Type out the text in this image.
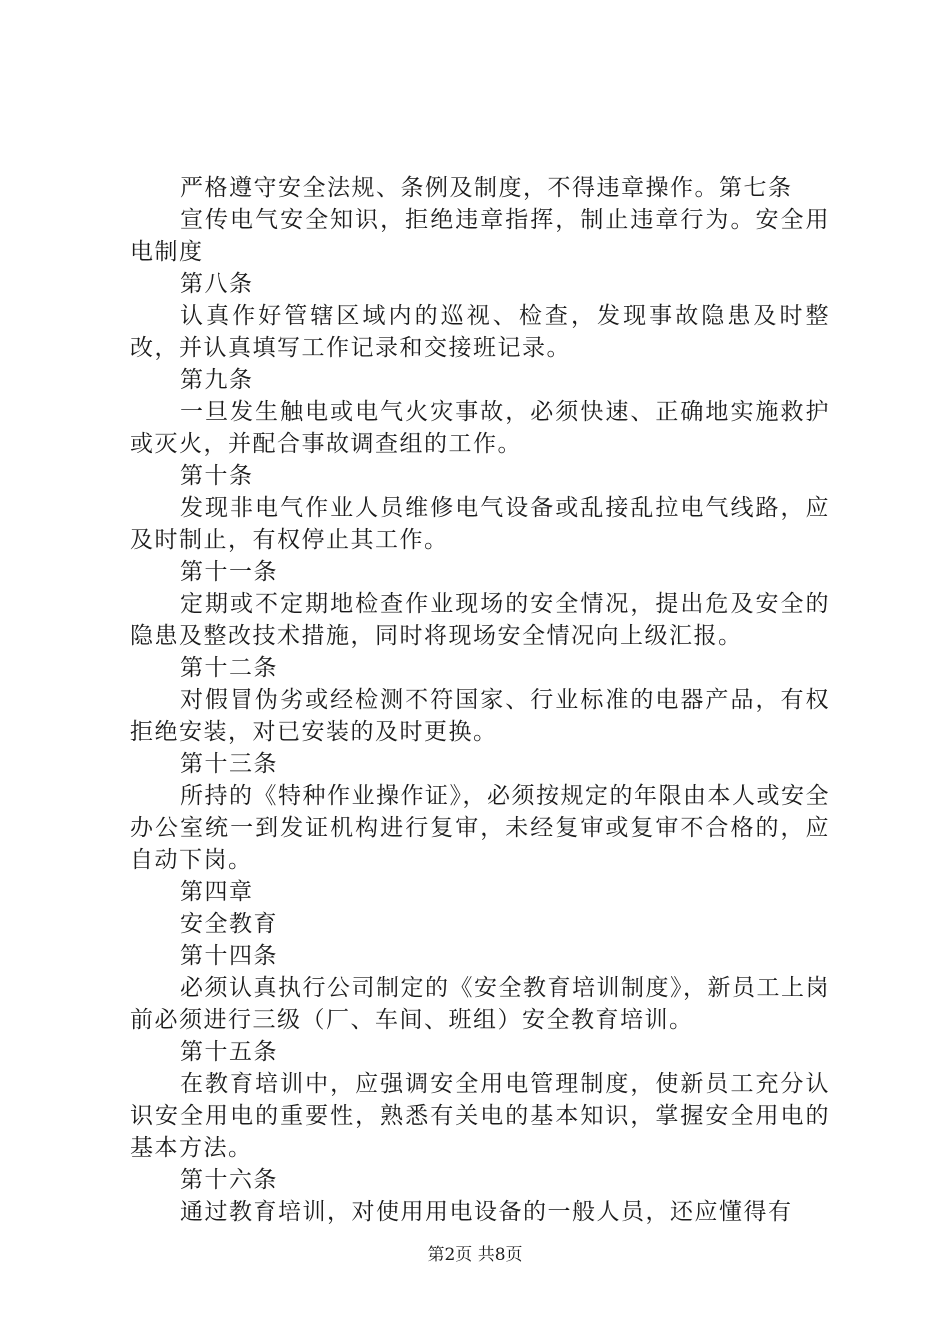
严格遵守安全法规、条例及制度，不得违章操作。第七条

宣传电气安全知识，拒绝违章指挥，制止违章行为。安全用电制度

第八条

认真作好管辖区域内的巡视、检查，发现事故隐患及时整改，并认真填写工作记录和交接班记录。

第九条

一旦发生触电或电气火灾事故，必须快速、正确地实施救护或灭火，并配合事故调查组的工作。

第十条

发现非电气作业人员维修电气设备或乱接乱拉电气线路，应及时制止，有权停止其工作。

第十一条

定期或不定期地检查作业现场的安全情况，提出危及安全的隐患及整改技术措施，同时将现场安全情况向上级汇报。

第十二条

对假冒伪劣或经检测不符国家、行业标准的电器产品，有权拒绝安装，对已安装的及时更换。

第十三条

所持的《特种作业操作证》，必须按规定的年限由本人或安全办公室统一到发证机构进行复审，未经复审或复审不合格的，应自动下岗。

第四章

安全教育

第十四条

必须认真执行公司制定的《安全教育培训制度》，新员工上岗前必须进行三级（厂、车间、班组）安全教育培训。

第十五条

在教育培训中，应强调安全用电管理制度，使新员工充分认识安全用电的重要性，熟悉有关电的基本知识，掌握安全用电的基本方法。

第十六条

通过教育培训，对使用用电设备的一般人员，还应懂得有

第2页 共8页
